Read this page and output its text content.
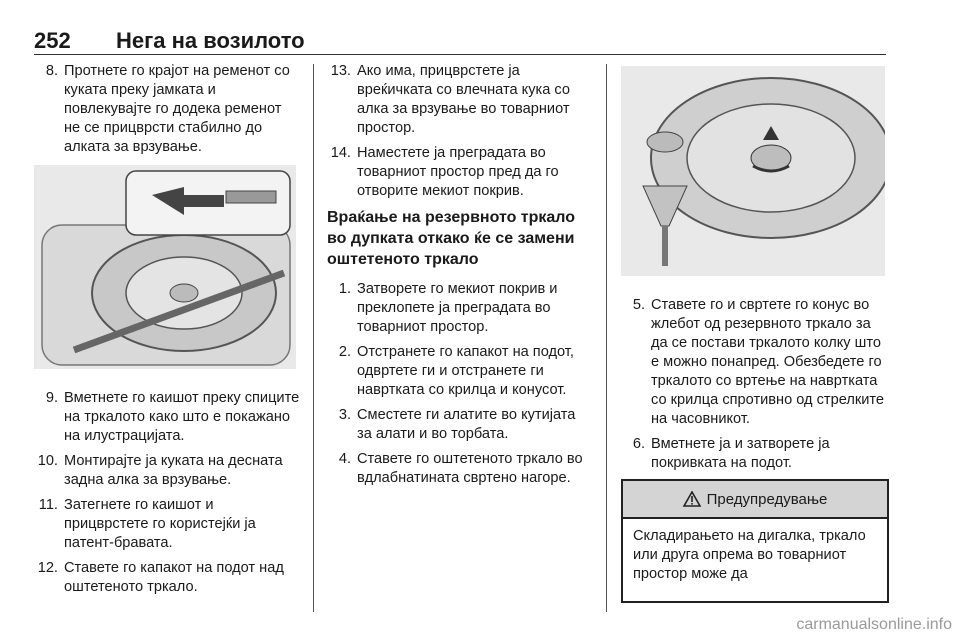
252 Нега на возилото
8. Протнете го крајот на ременот со куката преку јамката и повлекувајте го додека ременот не се прицврсти стабилно до алката за врзување.
9. Вметнете го каишот преку спиците на тркалото како што е покажано на илустрацијата.
10. Монтирајте ја куката на десната задна алка за врзување.
11. Затегнете го каишот и прицврстете го користејќи ја патент-бравата.
12. Ставете го капакот на подот над оштетеното тркало.
13. Ако има, прицврстете ја вреќичката со влечната кука со алка за врзување во товарниот простор.
14. Наместете ја преградата во товарниот простор пред да го отворите мекиот покрив.
Враќање на резервното тркало во дупката откако ќе се замени оштетеното тркало
1. Затворете го мекиот покрив и преклопете ја преградата во товарниот простор.
2. Отстранете го капакот на подот, одвртете ги и отстранете ги навртката со крилца и конусот.
3. Сместете ги алатите во кутијата за алати и во торбата.
4. Ставете го оштетеното тркало во вдлабнатината свртено нагоре.
5. Ставете го и свртете го конус во жлебот од резервното тркало за да се постави тркалото колку што е можно понапред. Обезбедете го тркалото со вртење на навртката со крилца спротивно од стрелките на часовникот.
6. Вметнете ја и затворете ја покривката на подот.
Предупредување
Складирањето на дигалка, тркало или друга опрема во товарниот простор може да
carmanualsonline.info
